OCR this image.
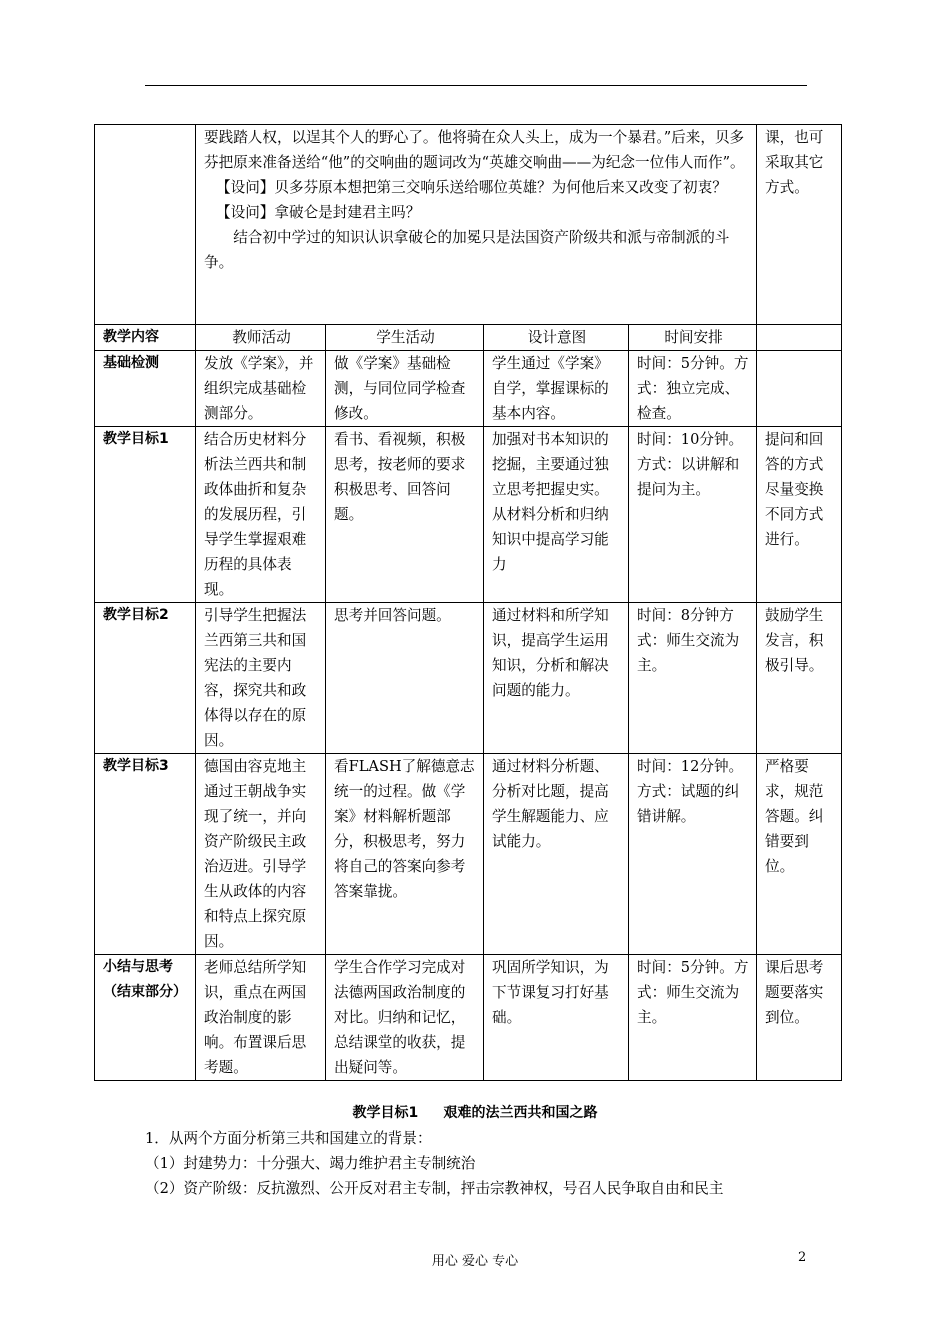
	要践踏人权，以逞其个人的野心了。他将骑在众人头上，成为一个暴君。”后来，贝多芬把原来准备送给“他”的交响曲的题词改为“英雄交响曲——为纪念一位伟人而作”。
【设问】贝多芬原本想把第三交响乐送给哪位英雄？为何他后来又改变了初衷？
【设问】拿破仑是封建君主吗？
结合初中学过的知识认识拿破仑的加冕只是法国资产阶级共和派与帝制派的斗争。				课，也可采取其它方式。
教学内容	教师活动	学生活动	设计意图	时间安排	
基础检测	发放《学案》，并组织完成基础检测部分。	做《学案》基础检测，与同位同学检查修改。	学生通过《学案》自学，掌握课标的基本内容。	时间：5分钟。方式：独立完成、检查。	
教学目标1	结合历史材料分析法兰西共和制政体曲折和复杂的发展历程，引导学生掌握艰难历程的具体表现。	看书、看视频，积极思考，按老师的要求积极思考、回答问题。	加强对书本知识的挖掘，主要通过独立思考把握史实。从材料分析和归纳知识中提高学习能力	时间：10分钟。方式：以讲解和提问为主。	提问和回答的方式尽量变换不同方式进行。
教学目标2	引导学生把握法兰西第三共和国宪法的主要内容，探究共和政体得以存在的原因。	思考并回答问题。	通过材料和所学知识，提高学生运用知识，分析和解决问题的能力。	时间：8分钟方式：师生交流为主。	鼓励学生发言，积极引导。
教学目标3	德国由容克地主通过王朝战争实现了统一，并向资产阶级民主政治迈进。引导学生从政体的内容和特点上探究原因。	看FLASH了解德意志统一的过程。做《学案》材料解析题部分，积极思考，努力将自己的答案向参考答案靠拢。	通过材料分析题、分析对比题，提高学生解题能力、应试能力。	时间：12分钟。方式：试题的纠错讲解。	严格要求，规范答题。纠错要到位。
小结与思考（结束部分）	老师总结所学知识，重点在两国政治制度的影响。布置课后思考题。	学生合作学习完成对法德两国政治制度的对比。归纳和记忆，总结课堂的收获，提出疑问等。	巩固所学知识，为下节课复习打好基础。	时间：5分钟。方式：师生交流为主。	课后思考题要落实到位。
教学目标1 艰难的法兰西共和国之路
1．从两个方面分析第三共和国建立的背景：
（1）封建势力：十分强大、竭力维护君主专制统治
（2）资产阶级：反抗激烈、公开反对君主专制，抨击宗教神权，号召人民争取自由和民主
用心 爱心 专心	2
